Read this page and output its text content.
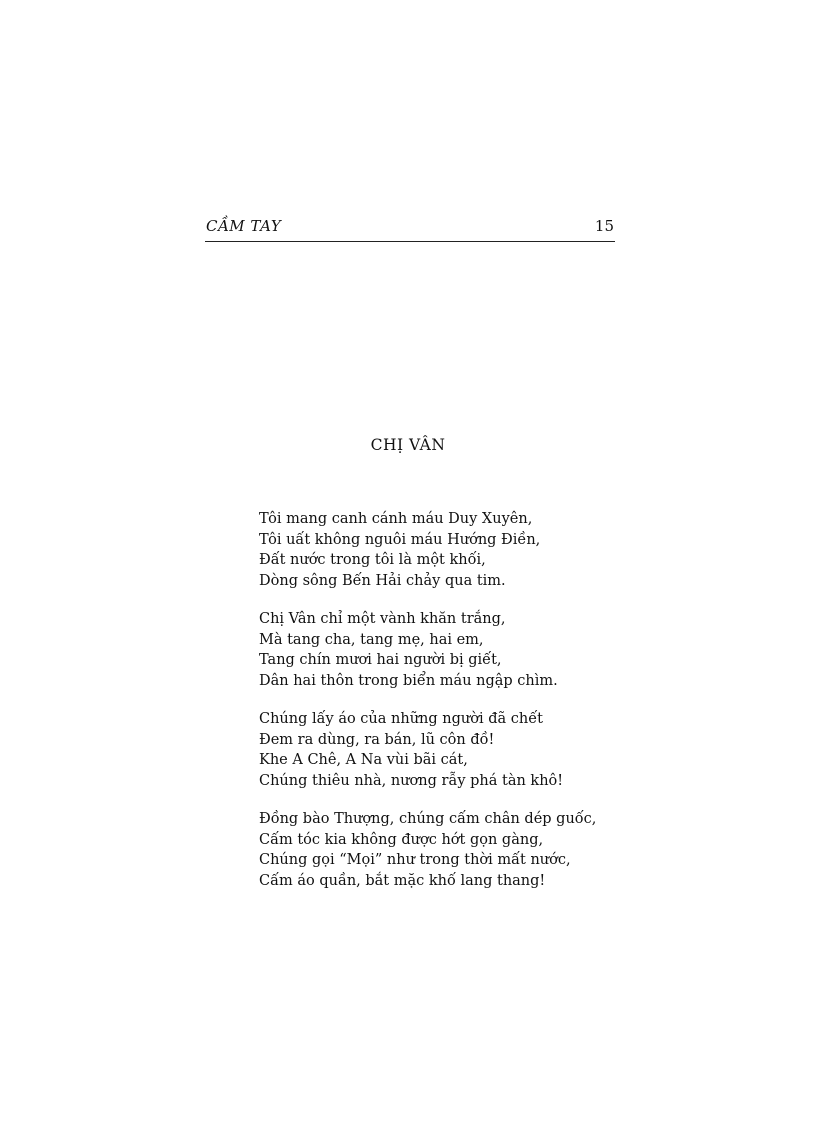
CẦM TAY	15
CHỊ VÂN
Tôi mang canh cánh máu Duy Xuyên,
Tôi uất không nguôi máu Hướng Điền,
Đất nước trong tôi là một khối,
Dòng sông Bến Hải chảy qua tim.
Chị Vân chỉ một vành khăn trắng,
Mà tang cha, tang mẹ, hai em,
Tang chín mươi hai người bị giết,
Dân hai thôn trong biển máu ngập chìm.
Chúng lấy áo của những người đã chết
Đem ra dùng, ra bán, lũ côn đồ!
Khe A Chê, A Na vùi bãi cát,
Chúng thiêu nhà, nương rẫy phá tàn khô!
Đồng bào Thượng, chúng cấm chân dép guốc,
Cấm tóc kia không được hớt gọn gàng,
Chúng gọi “Mọi” như trong thời mất nước,
Cấm áo quần, bắt mặc khố lang thang!
